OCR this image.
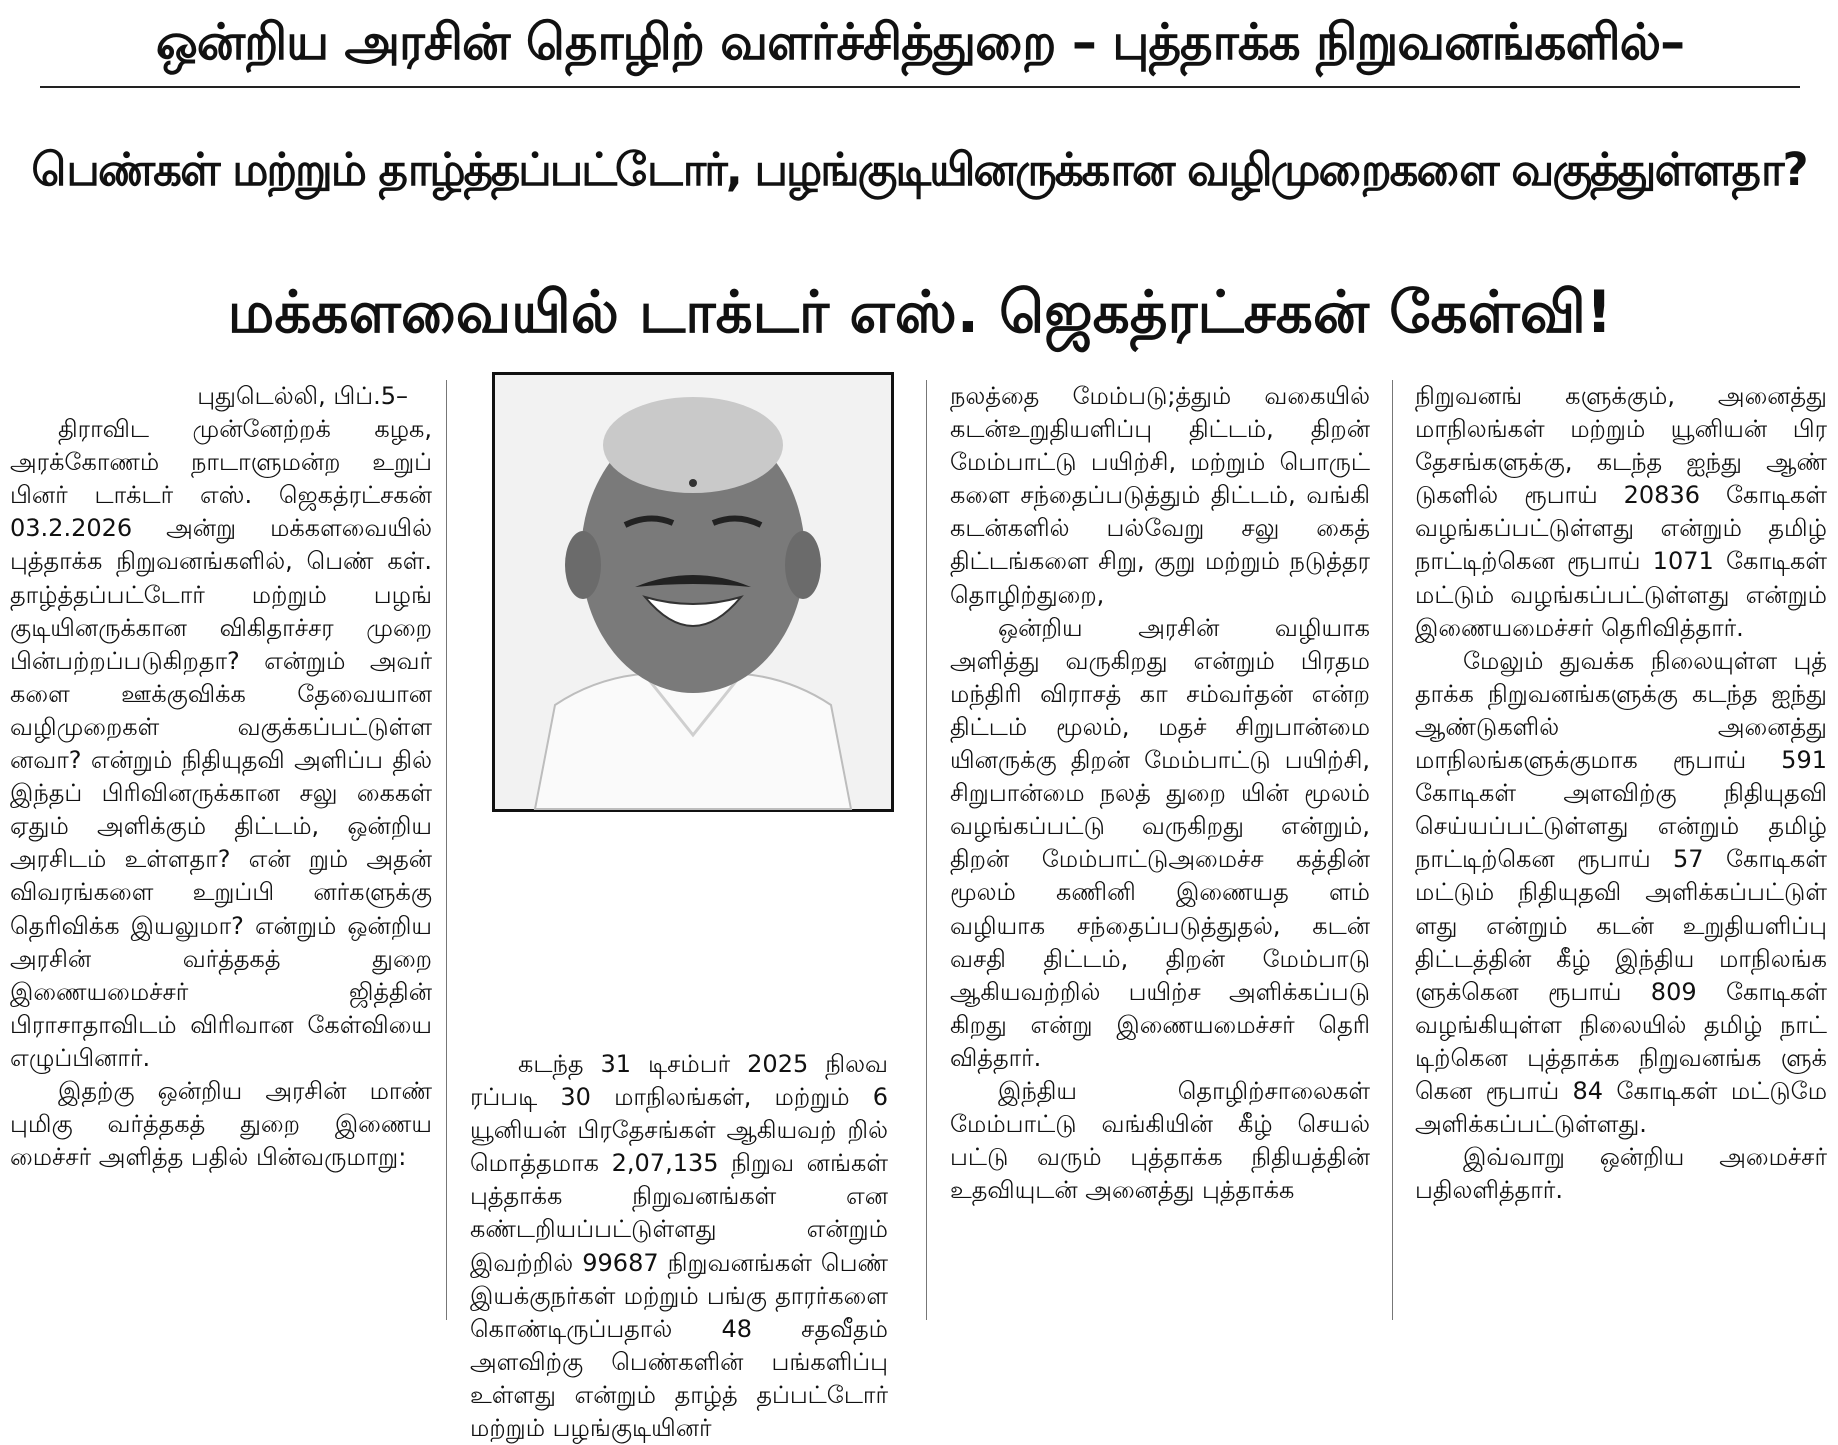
ஒன்றிய அரசின் தொழிற் வளர்ச்சித்துறை – புத்தாக்க நிறுவனங்களில்–
பெண்கள் மற்றும் தாழ்த்தப்பட்டோர், பழங்குடியினருக்கான வழிமுறைகளை வகுத்துள்ளதா?
மக்களவையில் டாக்டர் எஸ். ஜெகத்ரட்சகன் கேள்வி!
புதுடெல்லி, பிப்.5–

திராவிட முன்னேற்றக் கழக, அரக்கோணம் நாடாளுமன்ற உறுப் பினர் டாக்டர் எஸ். ஜெகத்ரட்சகன் 03.2.2026 அன்று மக்களவையில் புத்தாக்க நிறுவனங்களில், பெண் கள். தாழ்த்தப்பட்டோர் மற்றும் பழங் குடியினருக்கான விகிதாச்சர முறை பின்பற்றப்படுகிறதா? என்றும் அவர் களை ஊக்குவிக்க தேவையான வழிமுறைகள் வகுக்கப்பட்டுள்ள னவா? என்றும் நிதியுதவி அளிப்ப தில் இந்தப் பிரிவினருக்கான சலு கைகள் ஏதும் அளிக்கும் திட்டம், ஒன்றிய அரசிடம் உள்ளதா? என் றும் அதன் விவரங்களை உறுப்பி னர்களுக்கு தெரிவிக்க இயலுமா? என்றும் ஒன்றிய அரசின் வர்த்தகத் துறை இணையமைச்சர் ஜித்தின் பிராசாதாவிடம் விரிவான கேள்வியை எழுப்பினார்.

இதற்கு ஒன்றிய அரசின் மாண் புமிகு வர்த்தகத் துறை இணைய மைச்சர் அளித்த பதில் பின்வருமாறு:

கடந்த 31 டிசம்பர் 2025 நிலவ ரப்படி 30 மாநிலங்கள், மற்றும் 6 யூனியன் பிரதேசங்கள் ஆகியவற் றில் மொத்தமாக 2,07,135 நிறுவ னங்கள் புத்தாக்க நிறுவனங்கள் என கண்டறியப்பட்டுள்ளது என்றும் இவற்றில் 99687 நிறுவனங்கள் பெண் இயக்குநர்கள் மற்றும் பங்கு தாரர்களை கொண்டிருப்பதால் 48 சதவீதம் அளவிற்கு பெண்களின் பங்களிப்பு உள்ளது என்றும் தாழ்த் தப்பட்டோர் மற்றும் பழங்குடியினர்

நலத்தை மேம்படு;த்தும் வகையில் கடன்உறுதியளிப்பு திட்டம், திறன் மேம்பாட்டு பயிற்சி, மற்றும் பொருட் களை சந்தைப்படுத்தும் திட்டம், வங்கி கடன்களில் பல்வேறு சலு கைத் திட்டங்களை சிறு, குறு மற்றும் நடுத்தர தொழிற்துறை,

ஒன்றிய அரசின் வழியாக அளித்து வருகிறது என்றும் பிரதம மந்திரி விராசத் கா சம்வர்தன் என்ற திட்டம் மூலம், மதச் சிறுபான்மை யினருக்கு திறன் மேம்பாட்டு பயிற்சி, சிறுபான்மை நலத் துறை யின் மூலம் வழங்கப்பட்டு வருகிறது என்றும், திறன் மேம்பாட்டுஅமைச்ச கத்தின் மூலம் கணினி இணையத ளம் வழியாக சந்தைப்படுத்துதல், கடன் வசதி திட்டம், திறன் மேம்பாடு ஆகியவற்றில் பயிற்ச அளிக்கப்படு கிறது என்று இணையமைச்சர் தெரி வித்தார்.

இந்திய தொழிற்சாலைகள் மேம்பாட்டு வங்கியின் கீழ் செயல் பட்டு வரும் புத்தாக்க நிதியத்தின் உதவியுடன் அனைத்து புத்தாக்க

நிறுவனங் களுக்கும், அனைத்து மாநிலங்கள் மற்றும் யூனியன் பிர தேசங்களுக்கு, கடந்த ஐந்து ஆண் டுகளில் ரூபாய் 20836 கோடிகள் வழங்கப்பட்டுள்ளது என்றும் தமிழ் நாட்டிற்கென ரூபாய் 1071 கோடிகள் மட்டும் வழங்கப்பட்டுள்ளது என்றும் இணையமைச்சர் தெரிவித்தார்.

மேலும் துவக்க நிலையுள்ள புத் தாக்க நிறுவனங்களுக்கு கடந்த ஐந்து ஆண்டுகளில் அனைத்து மாநிலங்களுக்குமாக ரூபாய் 591 கோடிகள் அளவிற்கு நிதியுதவி செய்யப்பட்டுள்ளது என்றும் தமிழ் நாட்டிற்கென ரூபாய் 57 கோடிகள் மட்டும் நிதியுதவி அளிக்கப்பட்டுள் ளது என்றும் கடன் உறுதியளிப்பு திட்டத்தின் கீழ் இந்திய மாநிலங்க ளுக்கென ரூபாய் 809 கோடிகள் வழங்கியுள்ள நிலையில் தமிழ் நாட் டிற்கென புத்தாக்க நிறுவனங்க ளுக் கென ரூபாய் 84 கோடிகள் மட்டுமே அளிக்கப்பட்டுள்ளது.

இவ்வாறு ஒன்றிய அமைச்சர் பதிலளித்தார்.
